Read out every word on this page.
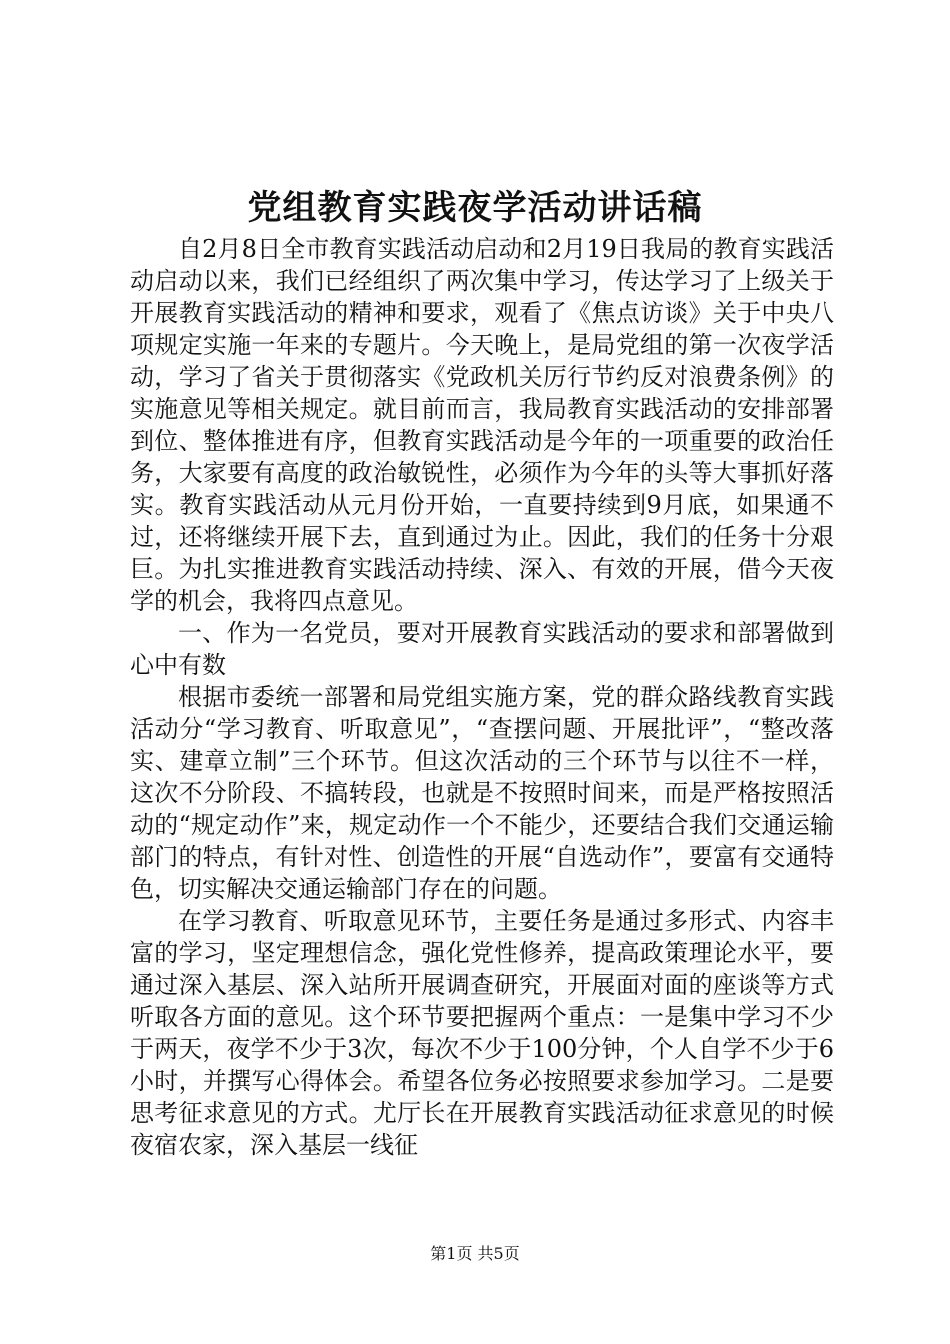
党组教育实践夜学活动讲话稿

自2月8日全市教育实践活动启动和2月19日我局的教育实践活动启动以来，我们已经组织了两次集中学习，传达学习了上级关于开展教育实践活动的精神和要求，观看了《焦点访谈》关于中央八项规定实施一年来的专题片。今天晚上，是局党组的第一次夜学活动，学习了省关于贯彻落实《党政机关厉行节约反对浪费条例》的实施意见等相关规定。就目前而言，我局教育实践活动的安排部署到位、整体推进有序，但教育实践活动是今年的一项重要的政治任务，大家要有高度的政治敏锐性，必须作为今年的头等大事抓好落实。教育实践活动从元月份开始，一直要持续到9月底，如果通不过，还将继续开展下去，直到通过为止。因此，我们的任务十分艰巨。为扎实推进教育实践活动持续、深入、有效的开展，借今天夜学的机会，我将四点意见。

一、作为一名党员，要对开展教育实践活动的要求和部署做到心中有数

根据市委统一部署和局党组实施方案，党的群众路线教育实践活动分“学习教育、听取意见”，“查摆问题、开展批评”，“整改落实、建章立制”三个环节。但这次活动的三个环节与以往不一样，这次不分阶段、不搞转段，也就是不按照时间来，而是严格按照活动的“规定动作”来，规定动作一个不能少，还要结合我们交通运输部门的特点，有针对性、创造性的开展“自选动作”，要富有交通特色，切实解决交通运输部门存在的问题。

在学习教育、听取意见环节，主要任务是通过多形式、内容丰富的学习，坚定理想信念，强化党性修养，提高政策理论水平，要通过深入基层、深入站所开展调查研究，开展面对面的座谈等方式听取各方面的意见。这个环节要把握两个重点：一是集中学习不少于两天，夜学不少于3次，每次不少于100分钟，个人自学不少于6小时，并撰写心得体会。希望各位务必按照要求参加学习。二是要思考征求意见的方式。尤厅长在开展教育实践活动征求意见的时候夜宿农家，深入基层一线征

第1页 共5页
